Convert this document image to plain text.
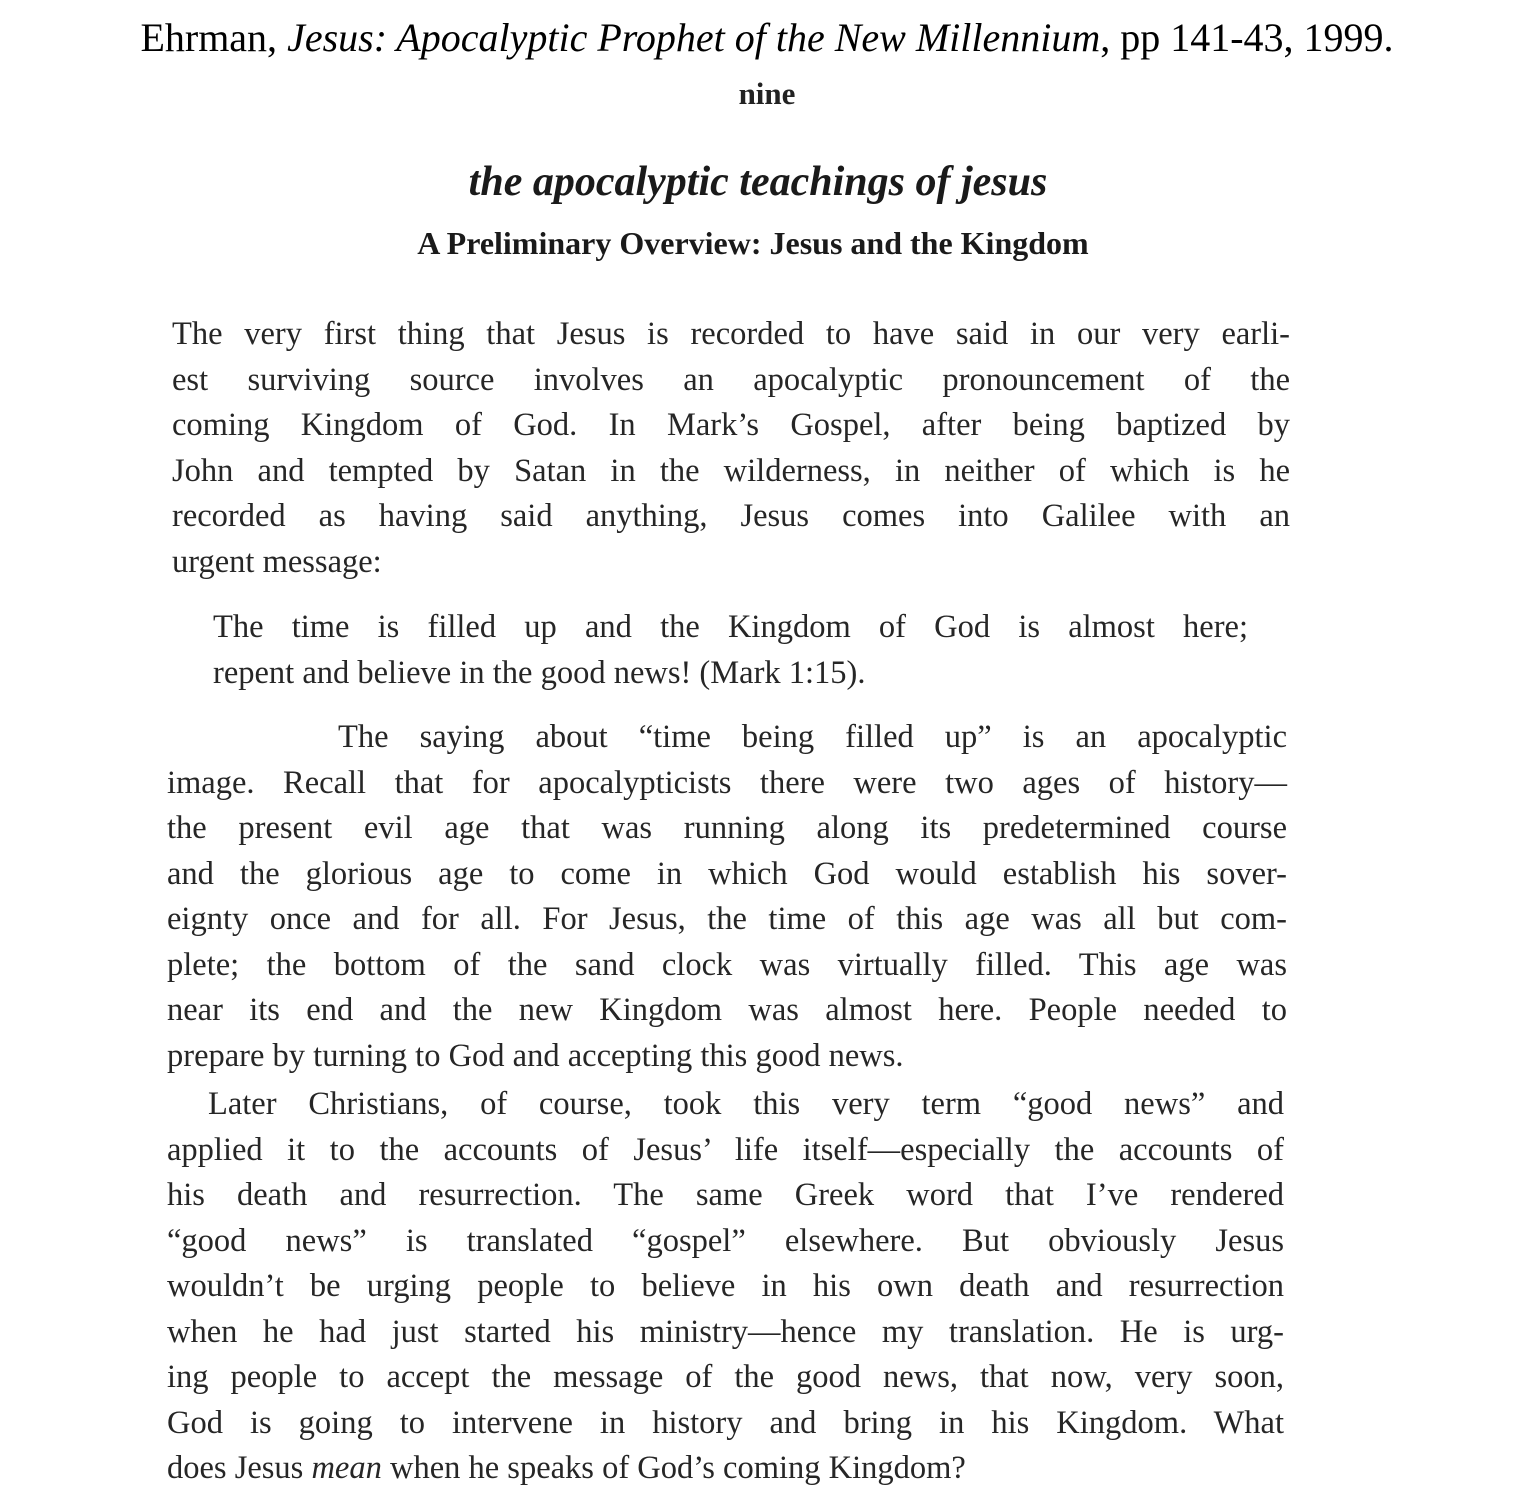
Ehrman, Jesus: Apocalyptic Prophet of the New Millennium, pp 141-43, 1999.
nine
the apocalyptic teachings of jesus
A Preliminary Overview: Jesus and the Kingdom
The very first thing that Jesus is recorded to have said in our very earli-
est surviving source involves an apocalyptic pronouncement of the
coming Kingdom of God. In Mark’s Gospel, after being baptized by
John and tempted by Satan in the wilderness, in neither of which is he
recorded as having said anything, Jesus comes into Galilee with an
urgent message:
The time is filled up and the Kingdom of God is almost here;
repent and believe in the good news! (Mark 1:15).
The saying about “time being filled up” is an apocalyptic
image. Recall that for apocalypticists there were two ages of history—
the present evil age that was running along its predetermined course
and the glorious age to come in which God would establish his sover-
eignty once and for all. For Jesus, the time of this age was all but com-
plete; the bottom of the sand clock was virtually filled. This age was
near its end and the new Kingdom was almost here. People needed to
prepare by turning to God and accepting this good news.
Later Christians, of course, took this very term “good news” and
applied it to the accounts of Jesus’ life itself—especially the accounts of
his death and resurrection. The same Greek word that I’ve rendered
“good news” is translated “gospel” elsewhere. But obviously Jesus
wouldn’t be urging people to believe in his own death and resurrection
when he had just started his ministry—hence my translation. He is urg-
ing people to accept the message of the good news, that now, very soon,
God is going to intervene in history and bring in his Kingdom. What
does Jesus mean when he speaks of God’s coming Kingdom?
